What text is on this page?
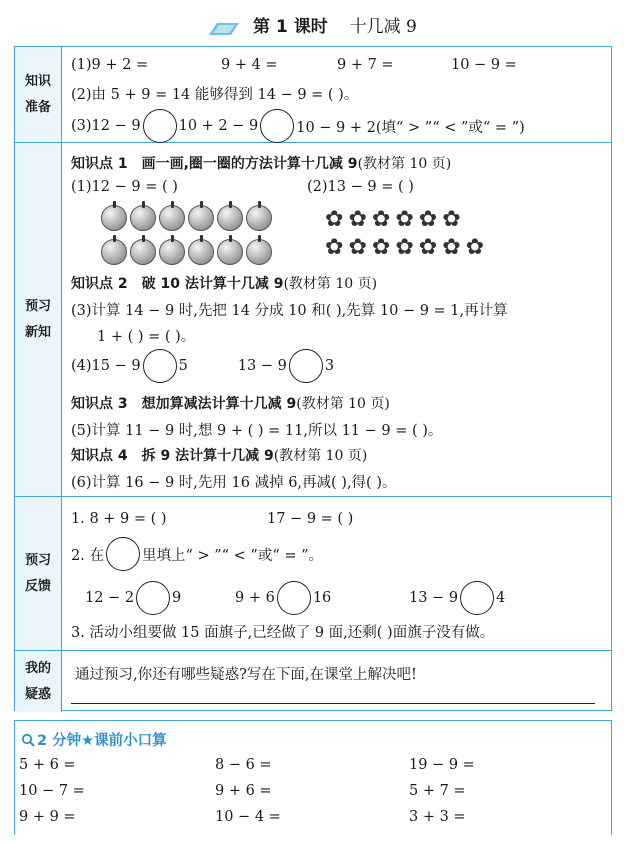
第 1 课时 十几减 9
知识
准备
(1)9 + 2 =	9 + 4 =	9 + 7 =	10 − 9 =
(2)由 5 + 9 = 14 能够得到 14 − 9 = ( )。
(3)12 − 9	10 + 2 − 9	10 − 9 + 2(填“ > ”“ < ”或“ = ”)
预习
新知
知识点 1　画一画,圈一圈的方法计算十几减 9(教材第 10 页)
(1)12 − 9 = ( )	(2)13 − 9 = ( )
✿ ✿ ✿ ✿ ✿ ✿
✿ ✿ ✿ ✿ ✿ ✿ ✿
知识点 2　破 10 法计算十几减 9(教材第 10 页)
(3)计算 14 − 9 时,先把 14 分成 10 和( ),先算 10 − 9 = 1,再计算
1 + ( ) = ( )。
(4)15 − 9	5	13 − 9	3
知识点 3　想加算减法计算十几减 9(教材第 10 页)
(5)计算 11 − 9 时,想 9 + ( ) = 11,所以 11 − 9 = ( )。
知识点 4　拆 9 法计算十几减 9(教材第 10 页)
(6)计算 16 − 9 时,先用 16 减掉 6,再减( ),得( )。
预习
反馈
1. 8 + 9 = ( )	17 − 9 = ( )
2. 在	里填上“ > ”“ < ”或“ = ”。
12 − 2	9	9 + 6	16	13 − 9	4
3. 活动小组要做 15 面旗子,已经做了 9 面,还剩( )面旗子没有做。
我的
疑惑
通过预习,你还有哪些疑惑?写在下面,在课堂上解决吧!
2 分钟★课前小口算
5 + 6 =	8 − 6 =	19 − 9 =
10 − 7 =	9 + 6 =	5 + 7 =
9 + 9 =	10 − 4 =	3 + 3 =
